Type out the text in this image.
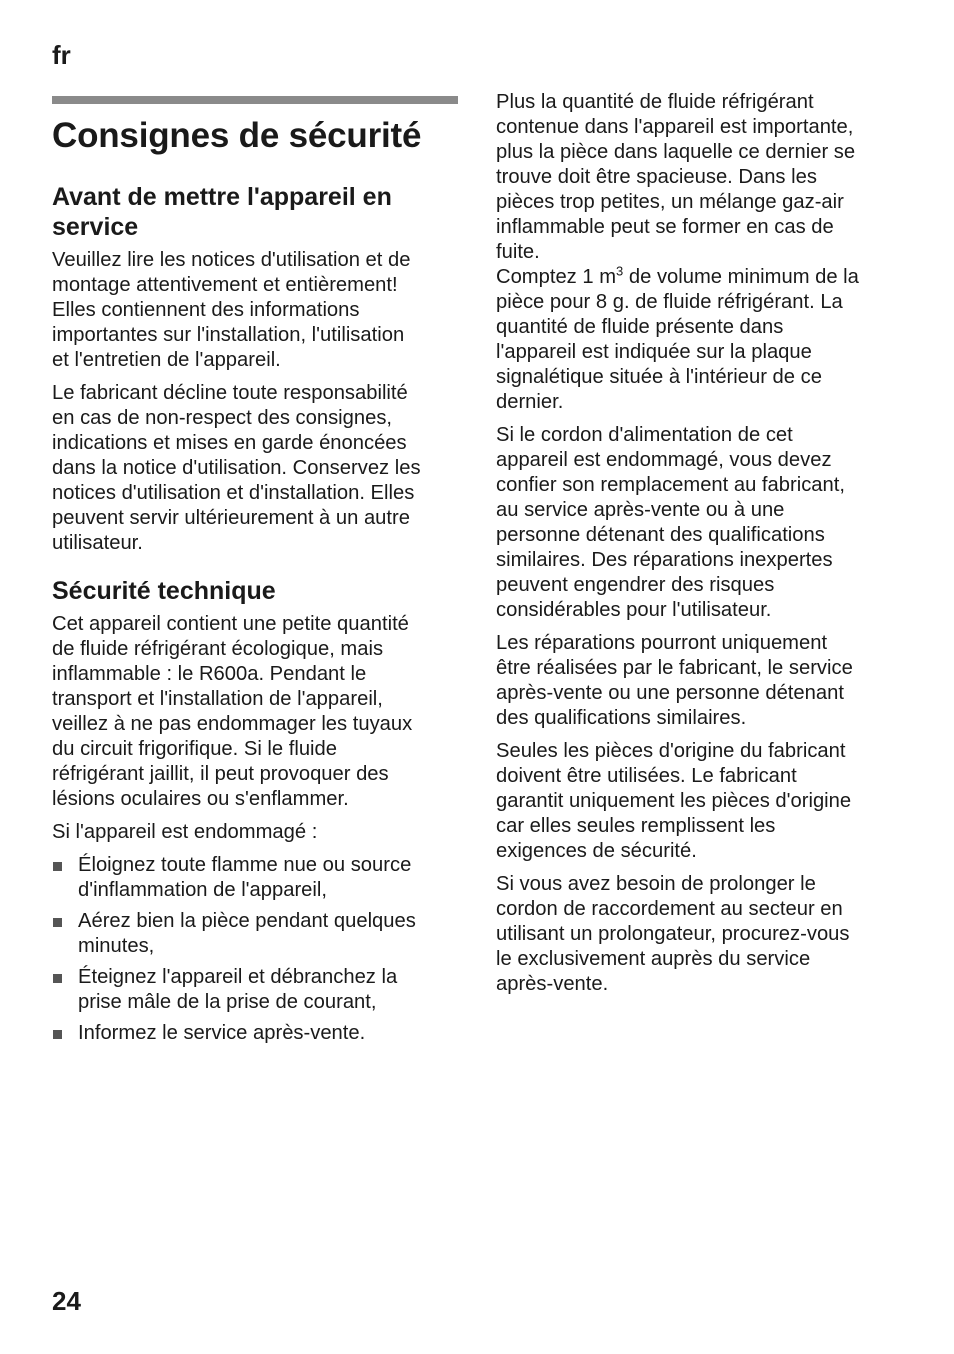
fr
Consignes de sécurité
Avant de mettre l'appareil en
service

Veuillez lire les notices d'utilisation et de
montage attentivement et entièrement!
Elles contiennent des informations
importantes sur l'installation, l'utilisation
et l'entretien de l'appareil.

Le fabricant décline toute responsabilité
en cas de non-respect des consignes,
indications et mises en garde énoncées
dans la notice d'utilisation. Conservez les
notices d'utilisation et d'installation. Elles
peuvent servir ultérieurement à un autre
utilisateur.

Sécurité technique

Cet appareil contient une petite quantité
de fluide réfrigérant écologique, mais
inflammable : le R600a. Pendant le
transport et l'installation de l'appareil,
veillez à ne pas endommager les tuyaux
du circuit frigorifique. Si le fluide
réfrigérant jaillit, il peut provoquer des
lésions oculaires ou s'enflammer.

Si l'appareil est endommagé :

Éloignez toute flamme nue ou source
d'inflammation de l'appareil,
Aérez bien la pièce pendant quelques
minutes,
Éteignez l'appareil et débranchez la
prise mâle de la prise de courant,
Informez le service après-vente.

Plus la quantité de fluide réfrigérant
contenue dans l'appareil est importante,
plus la pièce dans laquelle ce dernier se
trouve doit être spacieuse. Dans les
pièces trop petites, un mélange gaz-air
inflammable peut se former en cas de
fuite.

Comptez 1 $m^3$ de volume minimum de la
pièce pour 8 g. de fluide réfrigérant. La
quantité de fluide présente dans
l'appareil est indiquée sur la plaque
signalétique située à l'intérieur de ce
dernier.

Si le cordon d'alimentation de cet
appareil est endommagé, vous devez
confier son remplacement au fabricant,
au service après-vente ou à une
personne détenant des qualifications
similaires. Des réparations inexpertes
peuvent engendrer des risques
considérables pour l'utilisateur.

Les réparations pourront uniquement
être réalisées par le fabricant, le service
après-vente ou une personne détenant
des qualifications similaires.

Seules les pièces d'origine du fabricant
doivent être utilisées. Le fabricant
garantit uniquement les pièces d'origine
car elles seules remplissent les
exigences de sécurité.

Si vous avez besoin de prolonger le
cordon de raccordement au secteur en
utilisant un prolongateur, procurez-vous
le exclusivement auprès du service
après-vente.

24
